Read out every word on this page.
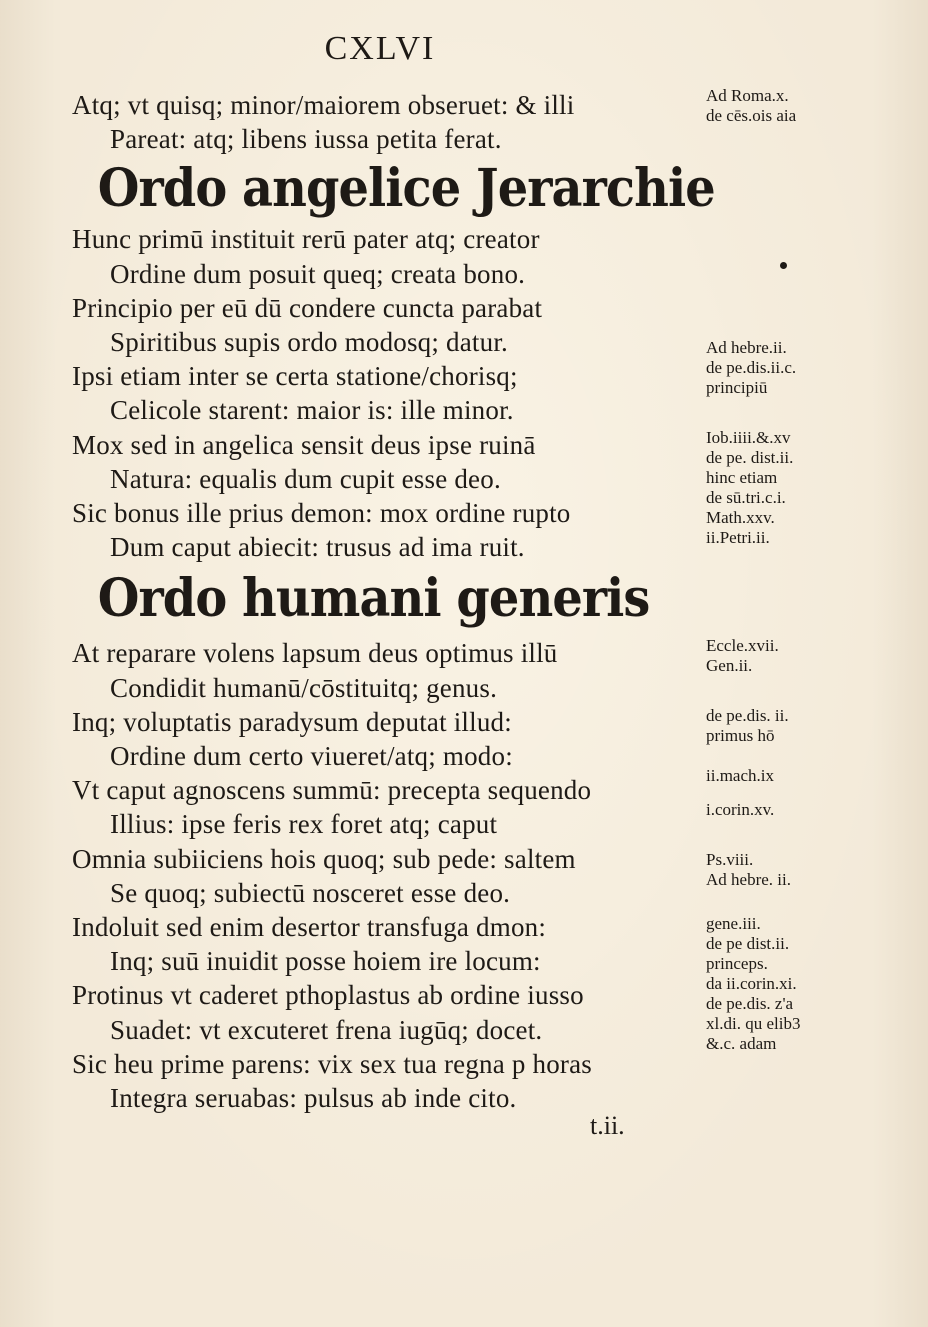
CXLVI
Atq; vt quisq; minor/maiorem obseruet: & illi
Pareat: atq; libens iussa petita ferat.
Ordo angelice Jerarchie
Hunc primū instituit rerū pater atq; creator
Ordine dum posuit queq; creata bono.
Principio per eū dū condere cuncta parabat
Spiritibus supis ordo modosq; datur.
Ipsi etiam inter se certa statione/chorisq;
Celicole starent: maior is: ille minor.
Mox sed in angelica sensit deus ipse ruinā
Natura: equalis dum cupit esse deo.
Sic bonus ille prius demon: mox ordine rupto
Dum caput abiecit: trusus ad ima ruit.
Ordo humani generis
At reparare volens lapsum deus optimus illū
Condidit humanū/cōstituitq; genus.
Inq; voluptatis paradysum deputat illud:
Ordine dum certo viueret/atq; modo:
Vt caput agnoscens summū: precepta sequendo
Illius: ipse feris rex foret atq; caput
Omnia subiiciens hois quoq; sub pede: saltem
Se quoq; subiectū nosceret esse deo.
Indoluit sed enim desertor transfuga dmon:
Inq; suū inuidit posse hoiem ire locum:
Protinus vt caderet pthoplastus ab ordine iusso
Suadet: vt excuteret frena iugūq; docet.
Sic heu prime parens: vix sex tua regna p horas
Integra seruabas: pulsus ab inde cito.
t.ii.
Ad Roma.x.
de cēs.ois aia
Ad hebre.ii.
de pe.dis.ii.c.
principiū
Iob.iiii.&.xv
de pe. dist.ii.
hinc etiam
de sū.tri.c.i.
Math.xxv.
ii.Petri.ii.
Eccle.xvii.
Gen.ii.
de pe.dis. ii.
primus hō
ii.mach.ix
i.corin.xv.
Ps.viii.
Ad hebre. ii.
gene.iii.
de pe dist.ii.
princeps.
da ii.corin.xi.
de pe.dis. z'a
xl.di. qu elib3
&.c. adam
